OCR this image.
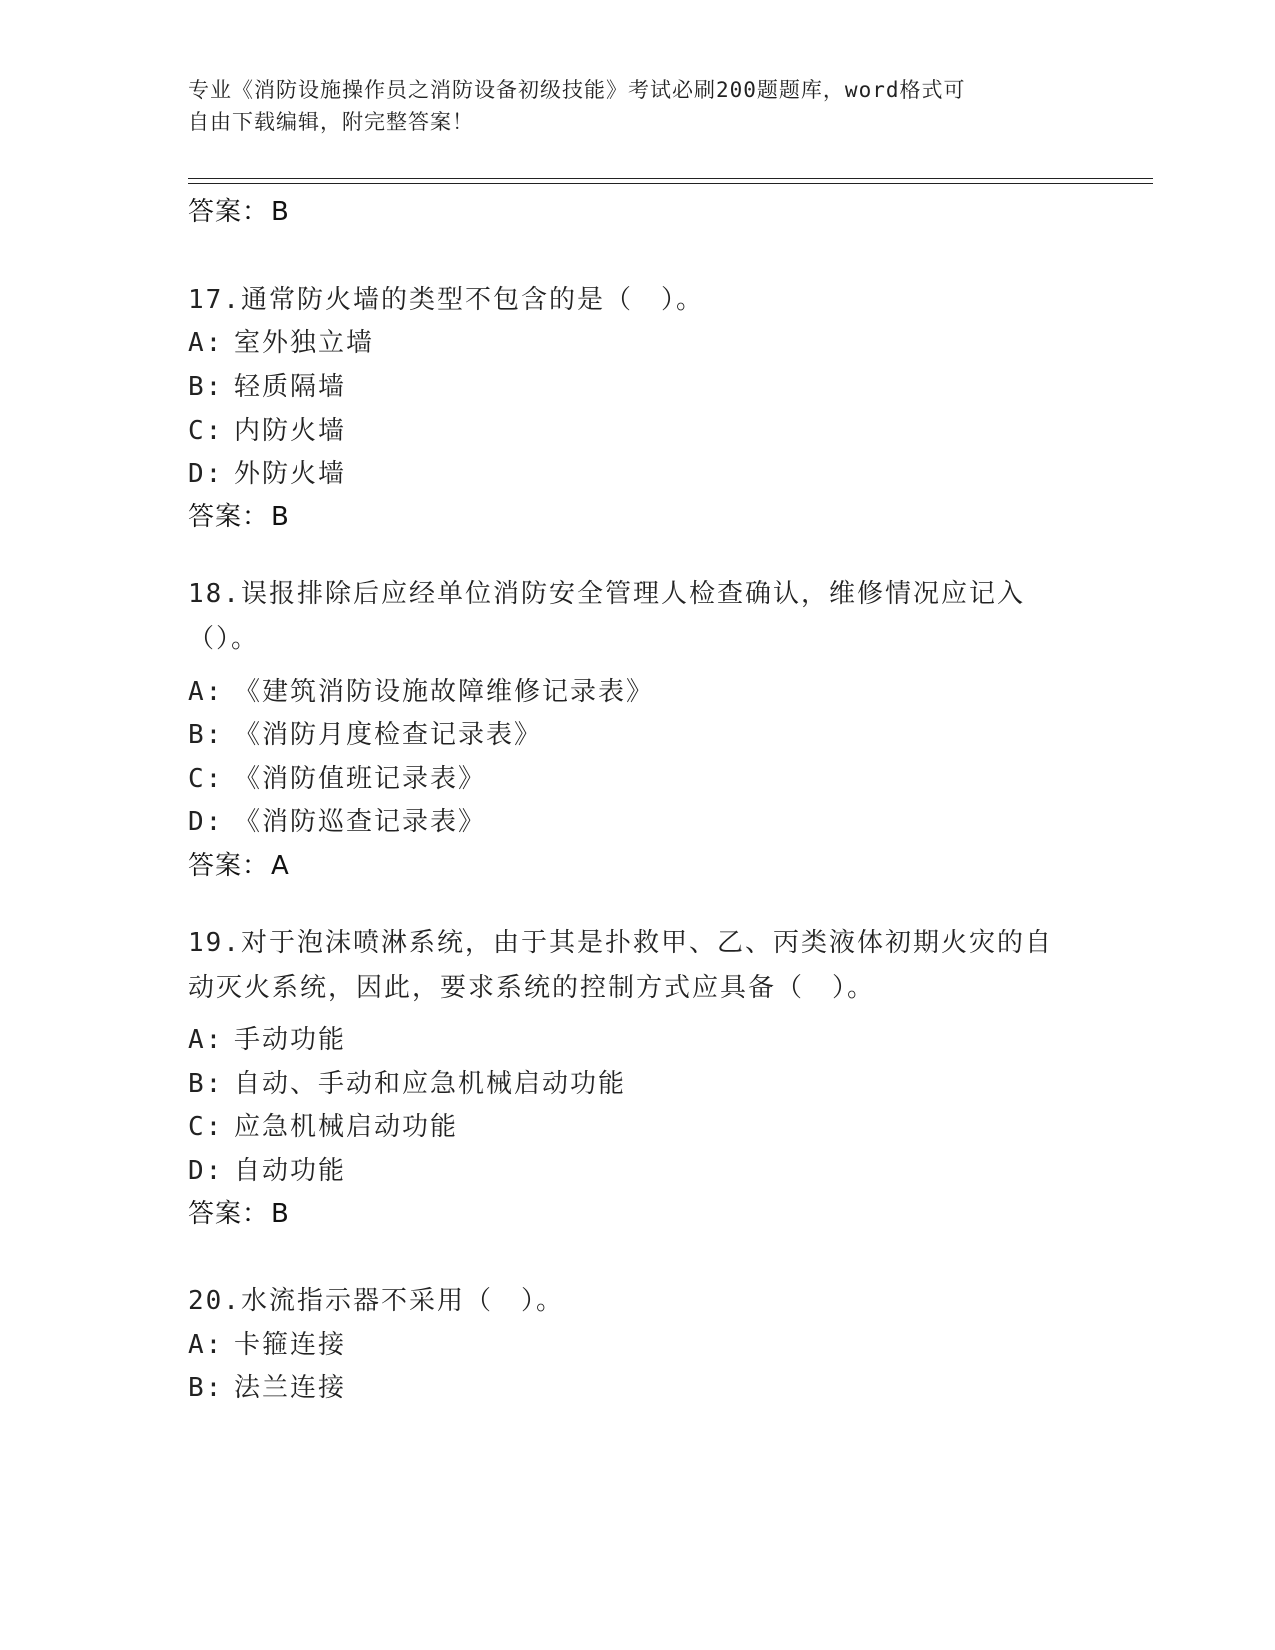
专业《消防设施操作员之消防设备初级技能》考试必刷200题题库，word格式可
自由下载编辑，附完整答案！
答案：B
17.通常防火墙的类型不包含的是（　）。
A: 室外独立墙
B: 轻质隔墙
C: 内防火墙
D: 外防火墙
答案：B
18.误报排除后应经单位消防安全管理人检查确认，维修情况应记入（）。
A: 《建筑消防设施故障维修记录表》
B: 《消防月度检查记录表》
C: 《消防值班记录表》
D: 《消防巡查记录表》
答案：A
19.对于泡沫喷淋系统，由于其是扑救甲、乙、丙类液体初期火灾的自动灭火系统，因此，要求系统的控制方式应具备（　）。
A: 手动功能
B: 自动、手动和应急机械启动功能
C: 应急机械启动功能
D: 自动功能
答案：B
20.水流指示器不采用（　）。
A: 卡箍连接
B: 法兰连接
